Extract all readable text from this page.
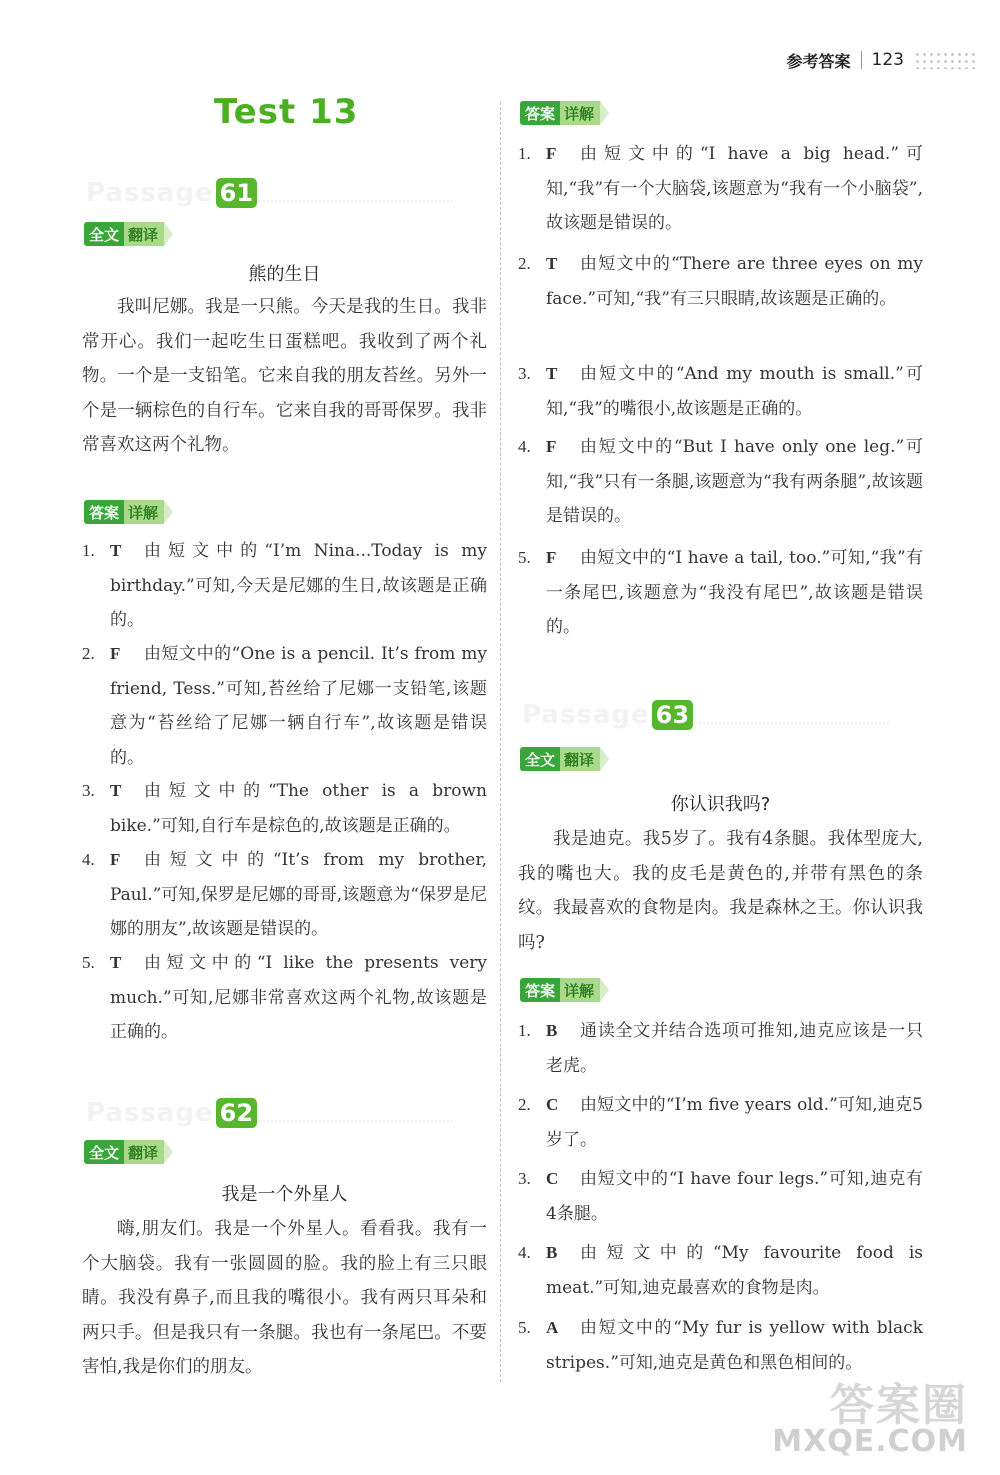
参考答案 123
Test 13
Passage 61
全文 翻译
熊的生日

我叫尼娜。我是一只熊。今天是我的生日。我非常开心。我们一起吃生日蛋糕吧。我收到了两个礼物。一个是一支铅笔。它来自我的朋友苔丝。另外一个是一辆棕色的自行车。它来自我的哥哥保罗。我非常喜欢这两个礼物。

答案 详解
1. T	由短文中的“I’m Nina...Today is my birthday.”可知,今天是尼娜的生日,故该题是正确的。
2. F	由短文中的“One is a pencil. It’s from my friend, Tess.”可知,苔丝给了尼娜一支铅笔,该题意为“苔丝给了尼娜一辆自行车”,故该题是错误的。
3. T	由短文中的“The other is a brown bike.”可知,自行车是棕色的,故该题是正确的。
4. F	由短文中的“It’s from my brother, Paul.”可知,保罗是尼娜的哥哥,该题意为“保罗是尼娜的朋友”,故该题是错误的。
5. T	由短文中的“I like the presents very much.”可知,尼娜非常喜欢这两个礼物,故该题是正确的。
Passage 62
全文 翻译
我是一个外星人

嗨,朋友们。我是一个外星人。看看我。我有一个大脑袋。我有一张圆圆的脸。我的脸上有三只眼睛。我没有鼻子,而且我的嘴很小。我有两只耳朵和两只手。但是我只有一条腿。我也有一条尾巴。不要害怕,我是你们的朋友。

答案 详解
1. F	由短文中的“I have a big head.”可知,“我”有一个大脑袋,该题意为“我有一个小脑袋”,故该题是错误的。
2. T	由短文中的“There are three eyes on my face.”可知,“我”有三只眼睛,故该题是正确的。
3. T	由短文中的“And my mouth is small.”可知,“我”的嘴很小,故该题是正确的。
4. F	由短文中的“But I have only one leg.”可知,“我”只有一条腿,该题意为“我有两条腿”,故该题是错误的。
5. F	由短文中的“I have a tail, too.”可知,“我”有一条尾巴,该题意为“我没有尾巴”,故该题是错误的。
Passage 63
全文 翻译
你认识我吗?

我是迪克。我5岁了。我有4条腿。我体型庞大,我的嘴也大。我的皮毛是黄色的,并带有黑色的条纹。我最喜欢的食物是肉。我是森林之王。你认识我吗?

答案 详解
1. B	通读全文并结合选项可推知,迪克应该是一只老虎。
2. C	由短文中的“I’m five years old.”可知,迪克5岁了。
3. C	由短文中的“I have four legs.”可知,迪克有4条腿。
4. B	由短文中的“My favourite food is meat.”可知,迪克最喜欢的食物是肉。
5. A	由短文中的“My fur is yellow with black stripes.”可知,迪克是黄色和黑色相间的。
答案圈
MXQE.COM
